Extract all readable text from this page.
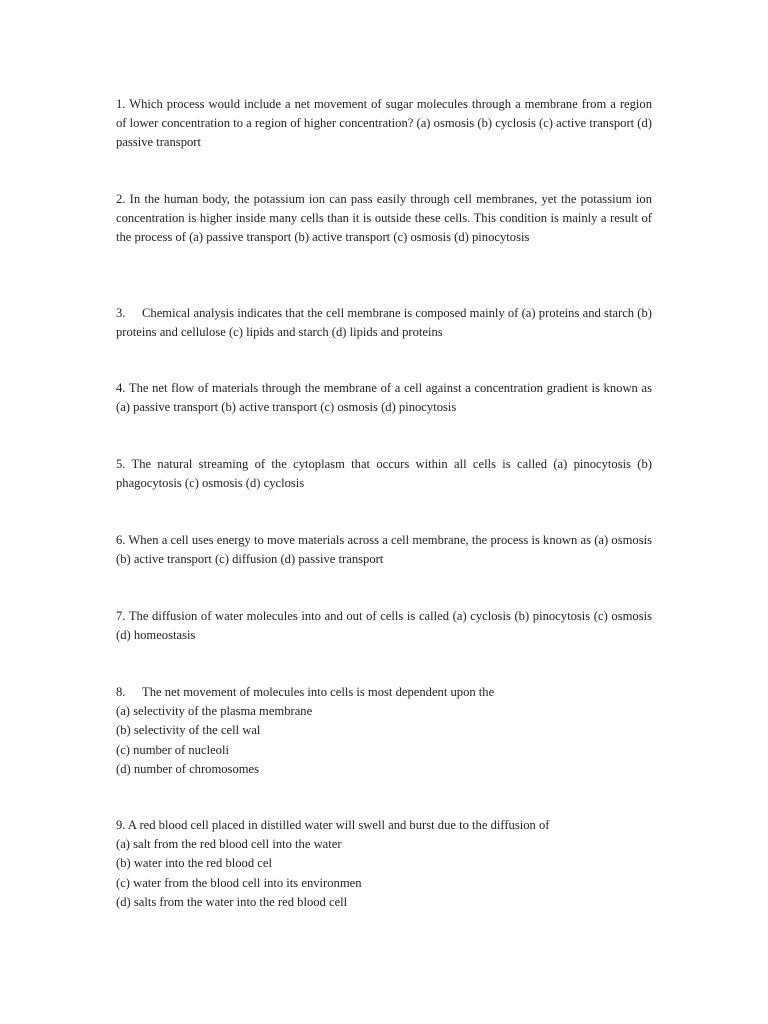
1. Which process would include a net movement of sugar molecules through a membrane from a region of lower concentration to a region of higher concentration? (a) osmosis (b) cyclosis (c) active transport (d) passive transport

2. In the human body, the potassium ion can pass easily through cell membranes, yet the potassium ion concentration is higher inside many cells than it is outside these cells. This condition is mainly a result of the process of (a) passive transport (b) active transport (c) osmosis (d) pinocytosis

3. Chemical analysis indicates that the cell membrane is composed mainly of (a) proteins and starch (b) proteins and cellulose (c) lipids and starch (d) lipids and proteins

4. The net flow of materials through the membrane of a cell against a concentration gradient is known as (a) passive transport (b) active transport (c) osmosis (d) pinocytosis

5. The natural streaming of the cytoplasm that occurs within all cells is called (a) pinocytosis (b) phagocytosis (c) osmosis (d) cyclosis

6. When a cell uses energy to move materials across a cell membrane, the process is known as (a) osmosis (b) active transport (c) diffusion (d) passive transport

7. The diffusion of water molecules into and out of cells is called (a) cyclosis (b) pinocytosis (c) osmosis (d) homeostasis

8. The net movement of molecules into cells is most dependent upon the
(a) selectivity of the plasma membrane
(b) selectivity of the cell wal
(c) number of nucleoli
(d) number of chromosomes
9. A red blood cell placed in distilled water will swell and burst due to the diffusion of
(a) salt from the red blood cell into the water
(b) water into the red blood cel
(c) water from the blood cell into its environmen
(d) salts from the water into the red blood cell
